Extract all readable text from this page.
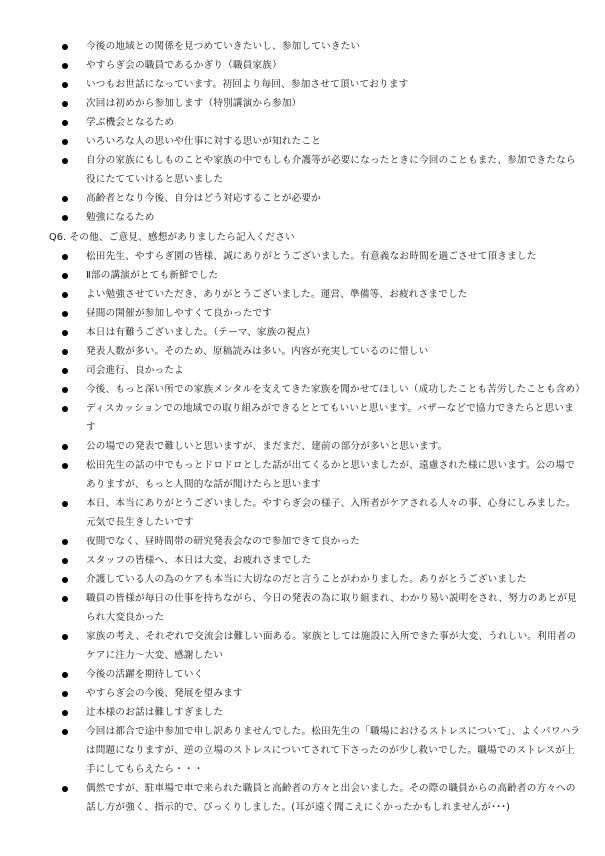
今後の地域との関係を見つめていきたいし、参加していきたい
やすらぎ会の職員であるかぎり（職員家族）
いつもお世話になっています。初回より毎回、参加させて頂いております
次回は初めから参加します（特別講演から参加）
学ぶ機会となるため
いろいろな人の思いや仕事に対する思いが知れたこと
自分の家族にもしものことや家族の中でもしも介護等が必要になったときに今回のこともまた、参加できたなら役にたてていけると思いました
高齢者となり今後、自分はどう対応することが必要か
勉強になるため
Q6. その他、ご意見、感想がありましたら記入ください
松田先生、やすらぎ園の皆様、誠にありがとうございました。有意義なお時間を過ごさせて頂きました
Ⅱ部の講演がとても新鮮でした
よい勉強させていただき、ありがとうございました。運営、準備等、お疲れさまでした
昼間の開催が参加しやすくて良かったです
本日は有難うございました。（テーマ、家族の視点）
発表人数が多い。そのため、原稿読みは多い。内容が充実しているのに惜しい
司会進行、良かったよ
今後、もっと深い所での家族メンタルを支えてきた家族を聞かせてほしい（成功したことも苦労したことも含め）
ディスカッションでの地域での取り組みができるととてもいいと思います。バザーなどで協力できたらと思います
公の場での発表で難しいと思いますが、まだまだ、建前の部分が多いと思います。
松田先生の話の中でもっとドロドロとした話が出てくるかと思いましたが、遠慮された様に思います。公の場でありますが、もっと人間的な話が聞けたらと思います
本日、本当にありがとうございました。やすらぎ会の様子、入所者がケアされる人々の事、心身にしみました。元気で長生きしたいです
夜間でなく、昼時間帯の研究発表会なので参加できて良かった
スタッフの皆様へ、本日は大変、お疲れさまでした
介護している人の為のケアも本当に大切なのだと言うことがわかりました。ありがとうございました
職員の皆様が毎日の仕事を持ちながら、今日の発表の為に取り組まれ、わかり易い説明をされ、努力のあとが見られ大変良かった
家族の考え、それぞれで交流会は難しい面ある。家族としては施設に入所できた事が大変、うれしい。利用者のケアに注力～大変、感謝したい
今後の活躍を期待していく
やすらぎ会の今後、発展を望みます
辻本様のお話は難しすぎました
今回は都合で途中参加で申し訳ありませんでした。松田先生の「職場におけるストレスについて」、よくパワハラは問題になりますが、逆の立場のストレスについてされて下さったのが少し救いでした。職場でのストレスが上手にしてもらえたら・・・
偶然ですが、駐車場で車で来られた職員と高齢者の方々と出会いました。その際の職員からの高齢者の方々への話し方が強く、指示的で、びっくりしました。(耳が遠く聞こえにくかったかもしれませんが･･･)
